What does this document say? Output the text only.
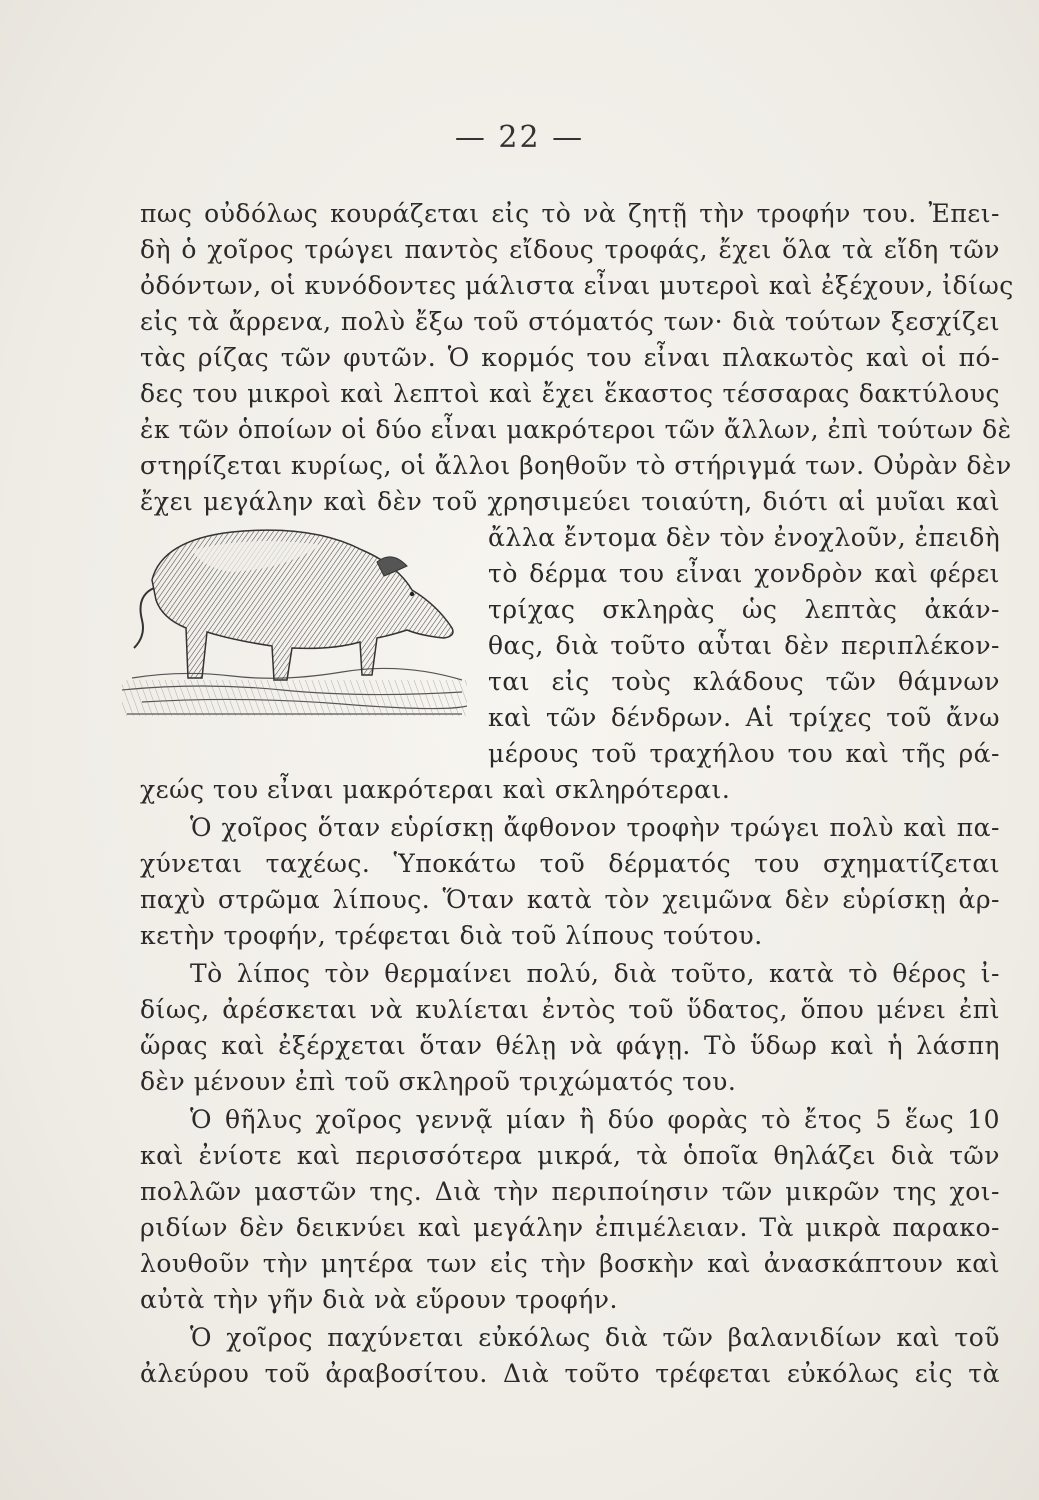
— 22 —
πως οὐδόλως κουράζεται εἰς τὸ νὰ ζητῇ τὴν τροφήν του. Ἐπει-
δὴ ὁ χοῖρος τρώγει παντὸς εἴδους τροφάς, ἔχει ὅλα τὰ εἴδη τῶν
ὀδόντων, οἱ κυνόδοντες μάλιστα εἶναι μυτεροὶ καὶ ἐξέχουν, ἰδίως
εἰς τὰ ἄρρενα, πολὺ ἔξω τοῦ στόματός των· διὰ τούτων ξεσχίζει
τὰς ρίζας τῶν φυτῶν. Ὁ κορμός του εἶναι πλακωτὸς καὶ οἱ πό-
δες του μικροὶ καὶ λεπτοὶ καὶ ἔχει ἕκαστος τέσσαρας δακτύλους
ἐκ τῶν ὁποίων οἱ δύο εἶναι μακρότεροι τῶν ἄλλων, ἐπὶ τούτων δὲ
στηρίζεται κυρίως, οἱ ἄλλοι βοηθοῦν τὸ στήριγμά των. Οὐρὰν δὲν
ἔχει μεγάλην καὶ δὲν τοῦ χρησιμεύει τοιαύτη, διότι αἱ μυῖαι καὶ
ἄλλα ἔντομα δὲν τὸν ἐνοχλοῦν, ἐπειδὴ
τὸ δέρμα του εἶναι χονδρὸν καὶ φέρει
τρίχας σκληρὰς ὡς λεπτὰς ἀκάν-
θας, διὰ τοῦτο αὗται δὲν περιπλέκον-
ται εἰς τοὺς κλάδους τῶν θάμνων
καὶ τῶν δένδρων. Αἱ τρίχες τοῦ ἄνω
μέρους τοῦ τραχήλου του καὶ τῆς ρά-
χεώς του εἶναι μακρότεραι καὶ σκληρότεραι.
Ὁ χοῖρος ὅταν εὑρίσκῃ ἄφθονον τροφὴν τρώγει πολὺ καὶ πα-
χύνεται ταχέως. Ὑποκάτω τοῦ δέρματός του σχηματίζεται
παχὺ στρῶμα λίπους. Ὅταν κατὰ τὸν χειμῶνα δὲν εὑρίσκῃ ἀρ-
κετὴν τροφήν, τρέφεται διὰ τοῦ λίπους τούτου.
Τὸ λίπος τὸν θερμαίνει πολύ, διὰ τοῦτο, κατὰ τὸ θέρος ἰ-
δίως, ἀρέσκεται νὰ κυλίεται ἐντὸς τοῦ ὕδατος, ὅπου μένει ἐπὶ
ὥρας καὶ ἐξέρχεται ὅταν θέλῃ νὰ φάγῃ. Τὸ ὕδωρ καὶ ἡ λάσπη
δὲν μένουν ἐπὶ τοῦ σκληροῦ τριχώματός του.
Ὁ θῆλυς χοῖρος γεννᾷ μίαν ἢ δύο φορὰς τὸ ἔτος 5 ἕως 10
καὶ ἐνίοτε καὶ περισσότερα μικρά, τὰ ὁποῖα θηλάζει διὰ τῶν
πολλῶν μαστῶν της. Διὰ τὴν περιποίησιν τῶν μικρῶν της χοι-
ριδίων δὲν δεικνύει καὶ μεγάλην ἐπιμέλειαν. Τὰ μικρὰ παρακο-
λουθοῦν τὴν μητέρα των εἰς τὴν βοσκὴν καὶ ἀνασκάπτουν καὶ
αὐτὰ τὴν γῆν διὰ νὰ εὕρουν τροφήν.
Ὁ χοῖρος παχύνεται εὐκόλως διὰ τῶν βαλανιδίων καὶ τοῦ
ἀλεύρου τοῦ ἀραβοσίτου. Διὰ τοῦτο τρέφεται εὐκόλως εἰς τὰ
